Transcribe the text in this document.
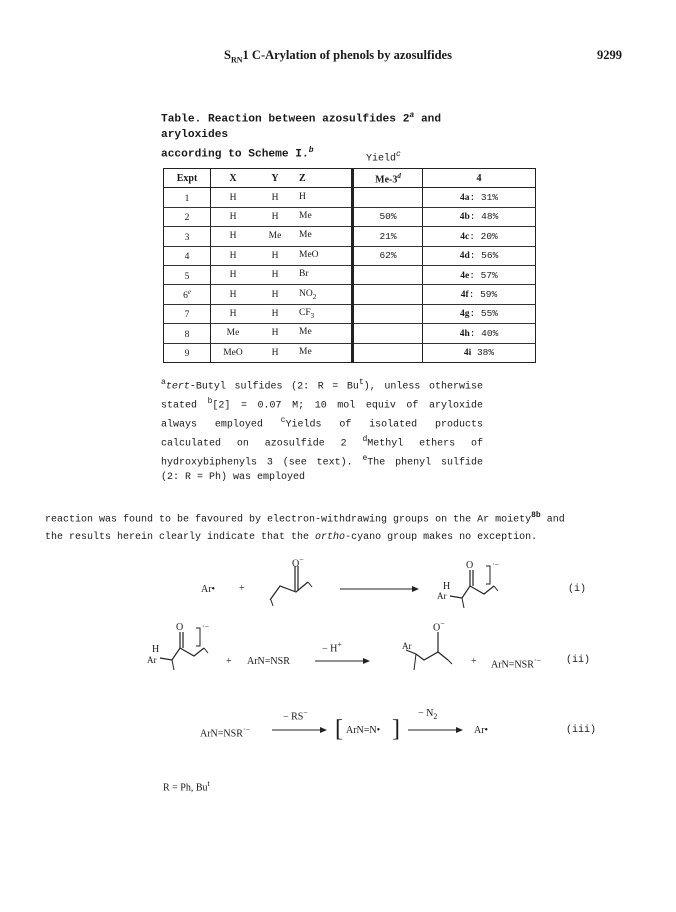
$S_{RN}1$ C-Arylation of phenols by azosulfides	9299
Table. Reaction between azosulfides 2$^a$ and aryloxides
according to Scheme I.$^b$
Yield$^c$
Expt	X	Y	Z	Me-3$^d$	4
1	H	H	H		4a: 31%
2	H	H	Me	50%	4b: 48%
3	H	Me	Me	21%	4c: 20%
4	H	H	MeO	62%	4d: 56%
5	H	H	Br		4e: 57%
6e	H	H	$NO_2$		4f: 59%
7	H	H	$CF_3$		4g: 55%
8	Me	H	Me		4h: 40%
9	MeO	H	Me		4i 38%
$^a$tert-Butyl sulfides (2: $R = Bu^t$), unless otherwise stated $^b$[2] = 0.07 M; 10 mol equiv of aryloxide always employed $^c$Yields of isolated products calculated on azosulfide 2 $^d$Methyl ethers of hydroxybiphenyls 3 (see text). $^e$The phenyl sulfide (2: R = Ph) was employed
reaction was found to be favoured by electron-withdrawing groups on the Ar moiety$^{8b}$ and
the results herein clearly indicate that the ortho-cyano group makes no exception.
Ar• +
O−
H
Ar
O ·−
(i)
H
Ar
O ·−
+ ArN=NSR
− H+	Ar
O−
+ ArN=NSR·− (ii)
ArN=NSR·−
− RS−
[ ArN=N• ]
− $N_2$
Ar•	(iii)
R = Ph, Bu$^t$
